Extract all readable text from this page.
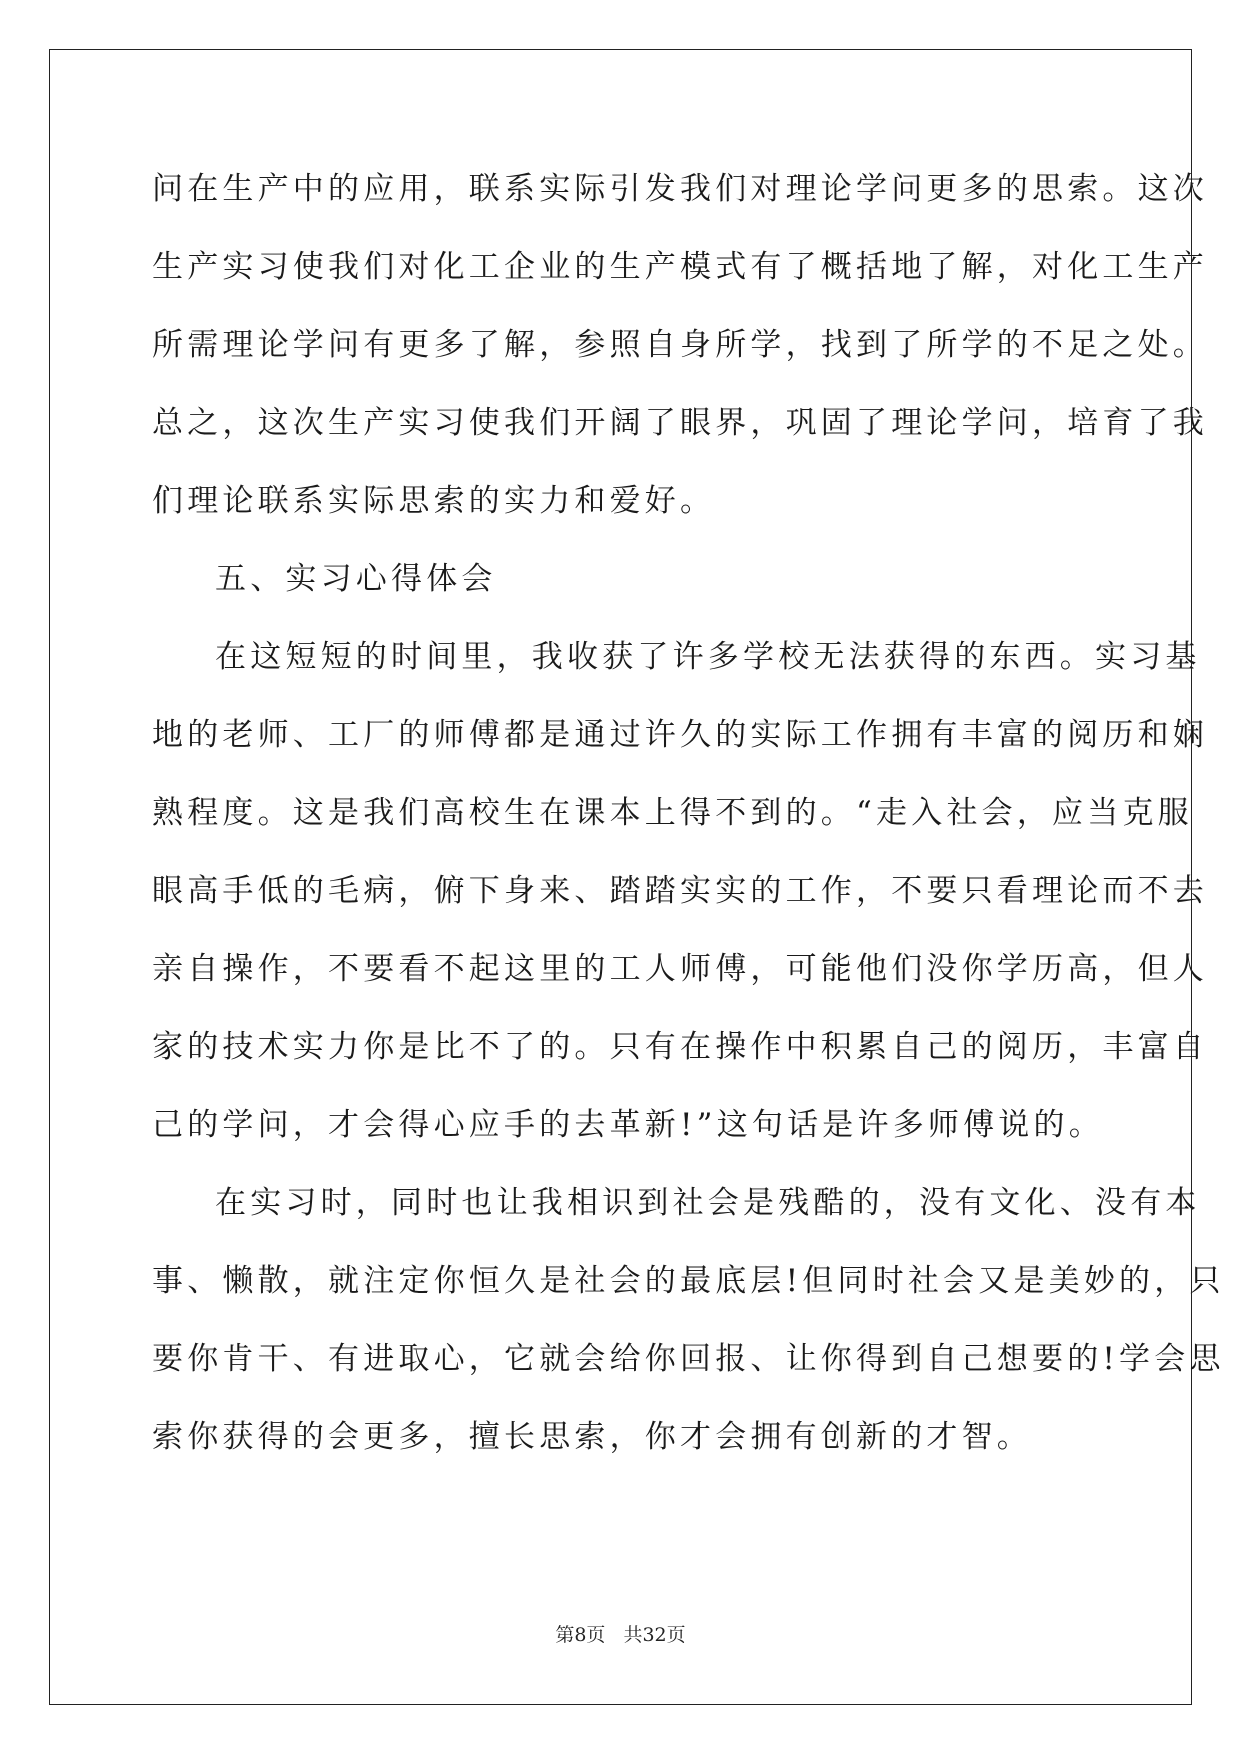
问在生产中的应用，联系实际引发我们对理论学问更多的思索。这次
生产实习使我们对化工企业的生产模式有了概括地了解，对化工生产
所需理论学问有更多了解，参照自身所学，找到了所学的不足之处。
总之，这次生产实习使我们开阔了眼界，巩固了理论学问，培育了我
们理论联系实际思索的实力和爱好。
五、实习心得体会
在这短短的时间里，我收获了许多学校无法获得的东西。实习基
地的老师、工厂的师傅都是通过许久的实际工作拥有丰富的阅历和娴
熟程度。这是我们高校生在课本上得不到的。“走入社会，应当克服
眼高手低的毛病，俯下身来、踏踏实实的工作，不要只看理论而不去
亲自操作，不要看不起这里的工人师傅，可能他们没你学历高，但人
家的技术实力你是比不了的。只有在操作中积累自己的阅历，丰富自
己的学问，才会得心应手的去革新!”这句话是许多师傅说的。
在实习时，同时也让我相识到社会是残酷的，没有文化、没有本
事、懒散，就注定你恒久是社会的最底层!但同时社会又是美妙的，只
要你肯干、有进取心，它就会给你回报、让你得到自己想要的!学会思
索你获得的会更多，擅长思索，你才会拥有创新的才智。
第8页 共32页
